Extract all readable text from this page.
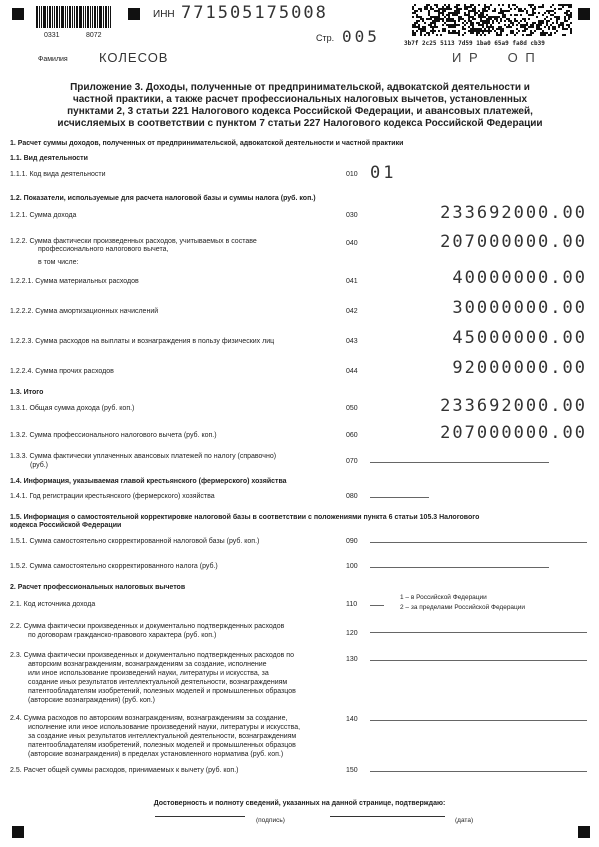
0331	8072
ИНН 771505175008
Стр. 005	3b7f 2c25 5113 7d59 1ba0 65a9 fa8d cb39
И Р     О П
Фамилия КОЛЕСОВ
Приложение 3. Доходы, полученные от предпринимательской, адвокатской деятельности и
частной практики, а также расчет профессиональных налоговых вычетов, установленных
пунктами 2, 3 статьи 221 Налогового кодекса Российской Федерации, и авансовых платежей,
исчисляемых в соответствии с пунктом 7 статьи 227 Налогового кодекса Российской Федерации
1. Расчет суммы доходов, полученных от предпринимательской, адвокатской деятельности и частной практики
1.1. Вид деятельности
1.1.1. Код вида деятельности	010 01
1.2. Показатели, используемые для расчета налоговой базы и суммы налога (руб. коп.)
1.2.1. Сумма дохода	030	233692000.00
1.2.2. Сумма фактически произведенных расходов, учитываемых в составе
профессионального налогового вычета,
в том числе:
040	207000000.00
1.2.2.1. Сумма материальных расходов	041	40000000.00
1.2.2.2. Сумма амортизационных начислений	042	30000000.00
1.2.2.3. Сумма расходов на выплаты и вознаграждения в пользу физических лиц	043	45000000.00
1.2.2.4. Сумма прочих расходов	044	92000000.00
1.3. Итого
1.3.1. Общая сумма дохода (руб. коп.)	050	233692000.00
1.3.2. Сумма профессионального налогового вычета (руб. коп.)	060	207000000.00
1.3.3. Сумма фактически уплаченных авансовых платежей по налогу (справочно)
(руб.)
070
1.4. Информация, указываемая главой крестьянского (фермерского) хозяйства
1.4.1. Год регистрации крестьянского (фермерского) хозяйства	080
1.5. Информация о самостоятельной корректировке налоговой базы в соответствии с положениями пункта 6 статьи 105.3 Налогового
кодекса Российской Федерации
1.5.1. Сумма самостоятельно скорректированной налоговой базы (руб. коп.)	090
1.5.2. Сумма самостоятельно скорректированного налога (руб.)	100
2. Расчет профессиональных налоговых вычетов
2.1. Код источника дохода	110
1 – в Российской Федерации
2 – за пределами Российской Федерации
2.2. Сумма фактически произведенных и документально подтвержденных расходов
по договорам гражданско-правового характера (руб. коп.)	120
2.3. Сумма фактически произведенных и документально подтвержденных расходов по
авторским вознаграждениям, вознаграждениям за создание, исполнение
или иное использование произведений науки, литературы и искусства, за
создание иных результатов интеллектуальной деятельности, вознаграждениям
патентообладателям изобретений, полезных моделей и промышленных образцов
(авторские вознаграждения) (руб. коп.)
130
2.4. Сумма расходов по авторским вознаграждениям, вознаграждениям за создание,
исполнение или иное использование произведений науки, литературы и искусства,
за создание иных результатов интеллектуальной деятельности, вознаграждениям
патентообладателям изобретений, полезных моделей и промышленных образцов
(авторские вознаграждения) в пределах установленного норматива (руб. коп.)
140
2.5. Расчет общей суммы расходов, принимаемых к вычету (руб. коп.)	150
Достоверность и полноту сведений, указанных на данной странице, подтверждаю:
(подпись)	(дата)
